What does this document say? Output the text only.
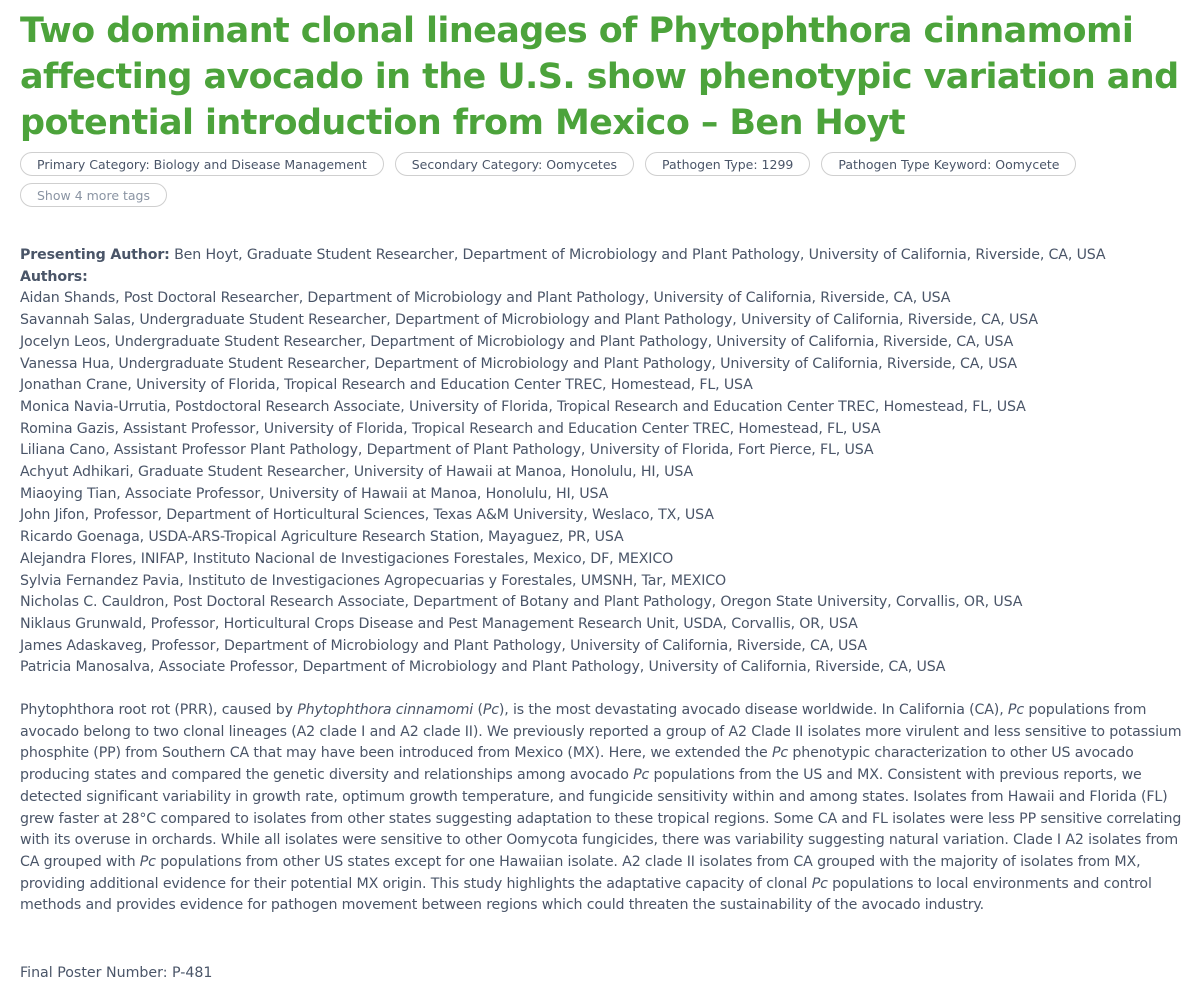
Two dominant clonal lineages of Phytophthora cinnamomi
affecting avocado in the U.S. show phenotypic variation and
potential introduction from Mexico – Ben Hoyt
Primary Category: Biology and Disease Management	Secondary Category: Oomycetes	Pathogen Type: 1299	Pathogen Type Keyword: Oomycete
Show 4 more tags
Presenting Author: Ben Hoyt, Graduate Student Researcher, Department of Microbiology and Plant Pathology, University of California, Riverside, CA, USA
Authors:
Aidan Shands, Post Doctoral Researcher, Department of Microbiology and Plant Pathology, University of California, Riverside, CA, USA
Savannah Salas, Undergraduate Student Researcher, Department of Microbiology and Plant Pathology, University of California, Riverside, CA, USA
Jocelyn Leos, Undergraduate Student Researcher, Department of Microbiology and Plant Pathology, University of California, Riverside, CA, USA
Vanessa Hua, Undergraduate Student Researcher, Department of Microbiology and Plant Pathology, University of California, Riverside, CA, USA
Jonathan Crane, University of Florida, Tropical Research and Education Center TREC, Homestead, FL, USA
Monica Navia-Urrutia, Postdoctoral Research Associate, University of Florida, Tropical Research and Education Center TREC, Homestead, FL, USA
Romina Gazis, Assistant Professor, University of Florida, Tropical Research and Education Center TREC, Homestead, FL, USA
Liliana Cano, Assistant Professor Plant Pathology, Department of Plant Pathology, University of Florida, Fort Pierce, FL, USA
Achyut Adhikari, Graduate Student Researcher, University of Hawaii at Manoa, Honolulu, HI, USA
Miaoying Tian, Associate Professor, University of Hawaii at Manoa, Honolulu, HI, USA
John Jifon, Professor, Department of Horticultural Sciences, Texas A&M University, Weslaco, TX, USA
Ricardo Goenaga, USDA-ARS-Tropical Agriculture Research Station, Mayaguez, PR, USA
Alejandra Flores, INIFAP, Instituto Nacional de Investigaciones Forestales, Mexico, DF, MEXICO
Sylvia Fernandez Pavia, Instituto de Investigaciones Agropecuarias y Forestales, UMSNH, Tar, MEXICO
Nicholas C. Cauldron, Post Doctoral Research Associate, Department of Botany and Plant Pathology, Oregon State University, Corvallis, OR, USA
Niklaus Grunwald, Professor, Horticultural Crops Disease and Pest Management Research Unit, USDA, Corvallis, OR, USA
James Adaskaveg, Professor, Department of Microbiology and Plant Pathology, University of California, Riverside, CA, USA
Patricia Manosalva, Associate Professor, Department of Microbiology and Plant Pathology, University of California, Riverside, CA, USA
Phytophthora root rot (PRR), caused by Phytophthora cinnamomi (Pc), is the most devastating avocado disease worldwide. In California (CA), Pc populations from
avocado belong to two clonal lineages (A2 clade I and A2 clade II). We previously reported a group of A2 Clade II isolates more virulent and less sensitive to potassium
phosphite (PP) from Southern CA that may have been introduced from Mexico (MX). Here, we extended the Pc phenotypic characterization to other US avocado
producing states and compared the genetic diversity and relationships among avocado Pc populations from the US and MX. Consistent with previous reports, we
detected significant variability in growth rate, optimum growth temperature, and fungicide sensitivity within and among states. Isolates from Hawaii and Florida (FL)
grew faster at 28°C compared to isolates from other states suggesting adaptation to these tropical regions. Some CA and FL isolates were less PP sensitive correlating
with its overuse in orchards. While all isolates were sensitive to other Oomycota fungicides, there was variability suggesting natural variation. Clade I A2 isolates from
CA grouped with Pc populations from other US states except for one Hawaiian isolate. A2 clade II isolates from CA grouped with the majority of isolates from MX,
providing additional evidence for their potential MX origin. This study highlights the adaptative capacity of clonal Pc populations to local environments and control
methods and provides evidence for pathogen movement between regions which could threaten the sustainability of the avocado industry.
Final Poster Number: P-481
